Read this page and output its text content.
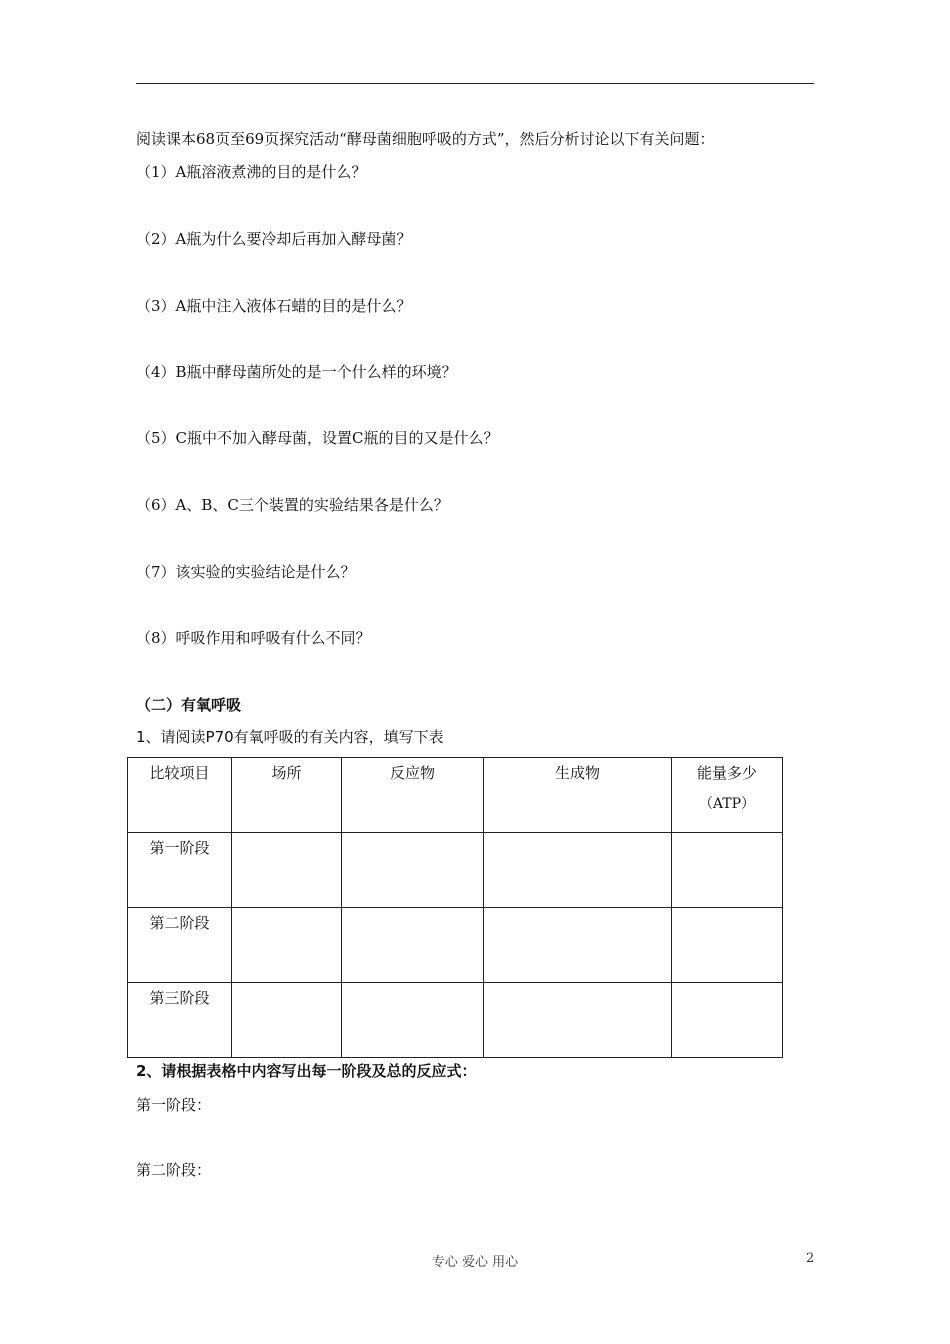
阅读课本68页至69页探究活动“酵母菌细胞呼吸的方式”，然后分析讨论以下有关问题：
（1）A瓶溶液煮沸的目的是什么？
（2）A瓶为什么要冷却后再加入酵母菌？
（3）A瓶中注入液体石蜡的目的是什么？
（4）B瓶中酵母菌所处的是一个什么样的环境？
（5）C瓶中不加入酵母菌，设置C瓶的目的又是什么？
（6）A、B、C三个装置的实验结果各是什么？
（7）该实验的实验结论是什么？
（8）呼吸作用和呼吸有什么不同？
（二）有氧呼吸
1、请阅读P70有氧呼吸的有关内容，填写下表
比较项目	场所	反应物	生成物	能量多少
（ATP）

第一阶段				
第二阶段				
第三阶段				
2、请根据表格中内容写出每一阶段及总的反应式：
第一阶段：
第二阶段：
专心 爱心 用心	2
